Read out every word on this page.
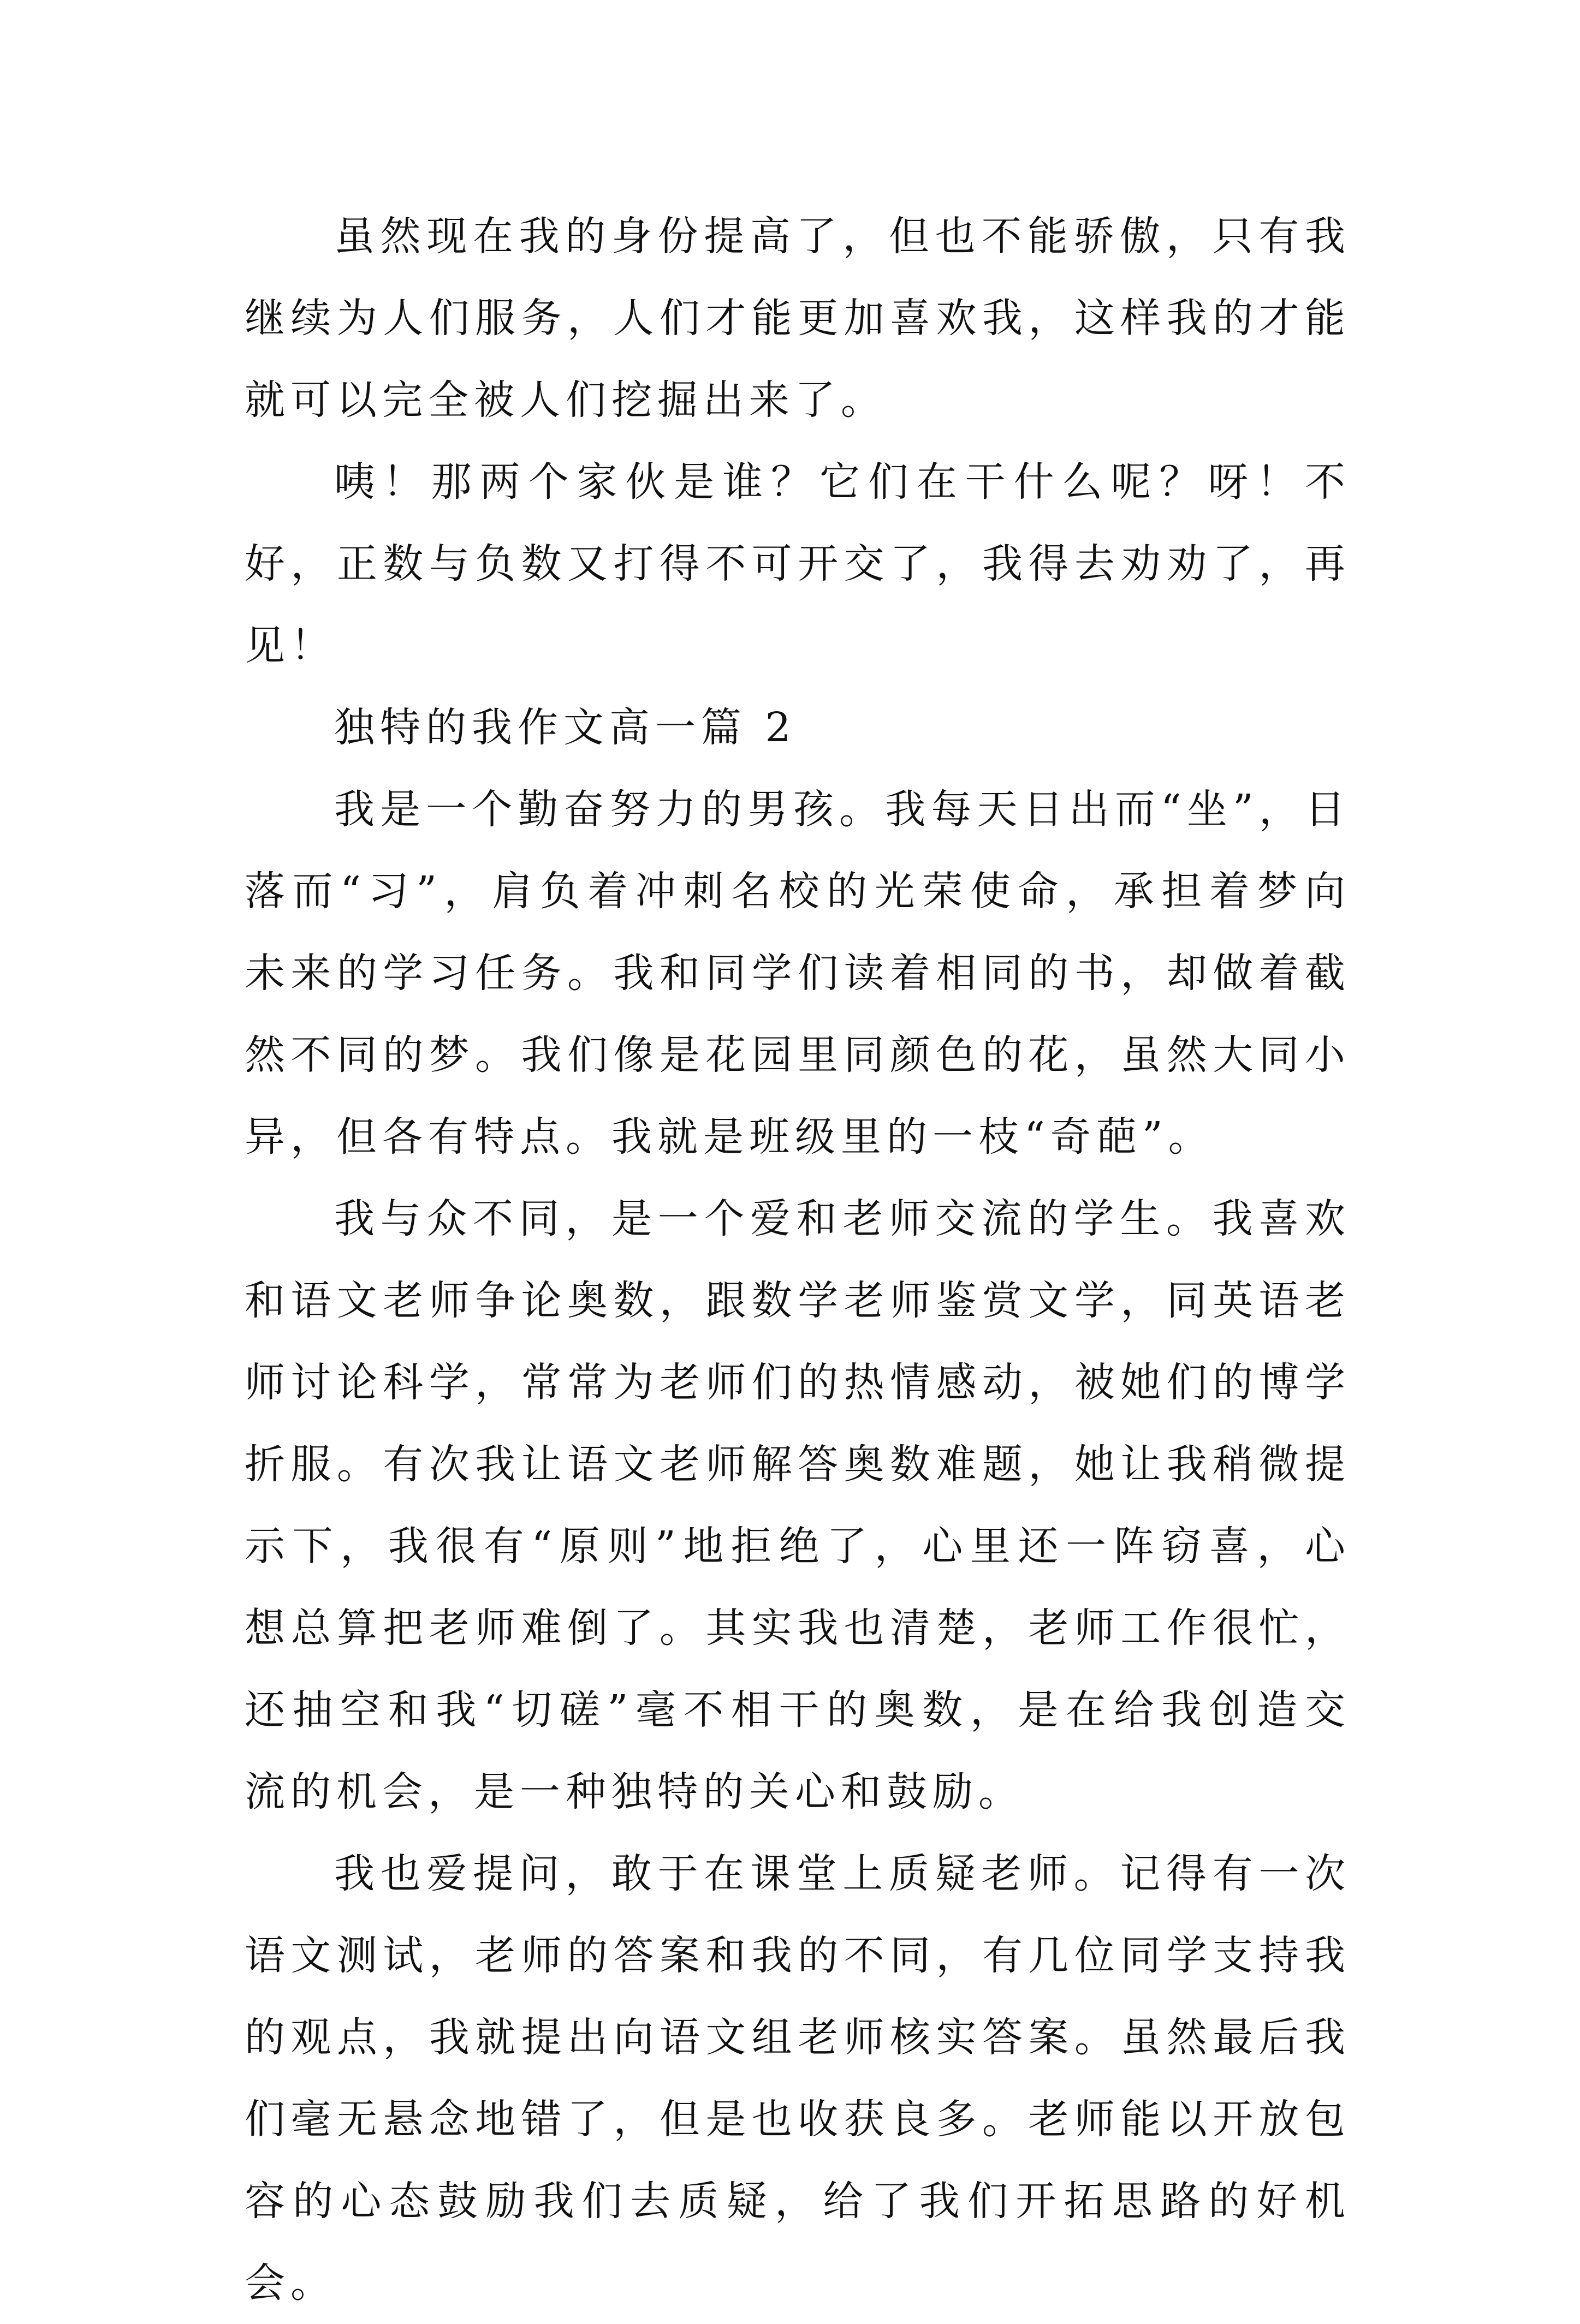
虽然现在我的身份提高了，但也不能骄傲，只有我继续为人们服务，人们才能更加喜欢我，这样我的才能就可以完全被人们挖掘出来了。

咦！那两个家伙是谁？它们在干什么呢？呀！不好，正数与负数又打得不可开交了，我得去劝劝了，再见！

独特的我作文高一篇 2

我是一个勤奋努力的男孩。我每天日出而“坐”，日落而“习”，肩负着冲刺名校的光荣使命，承担着梦向未来的学习任务。我和同学们读着相同的书，却做着截然不同的梦。我们像是花园里同颜色的花，虽然大同小异，但各有特点。我就是班级里的一枝“奇葩”。

我与众不同，是一个爱和老师交流的学生。我喜欢和语文老师争论奥数，跟数学老师鉴赏文学，同英语老师讨论科学，常常为老师们的热情感动，被她们的博学折服。有次我让语文老师解答奥数难题，她让我稍微提示下，我很有“原则”地拒绝了，心里还一阵窃喜，心想总算把老师难倒了。其实我也清楚，老师工作很忙，还抽空和我“切磋”毫不相干的奥数，是在给我创造交流的机会，是一种独特的关心和鼓励。

我也爱提问，敢于在课堂上质疑老师。记得有一次语文测试，老师的答案和我的不同，有几位同学支持我的观点，我就提出向语文组老师核实答案。虽然最后我们毫无悬念地错了，但是也收获良多。老师能以开放包容的心态鼓励我们去质疑，给了我们开拓思路的好机会。
